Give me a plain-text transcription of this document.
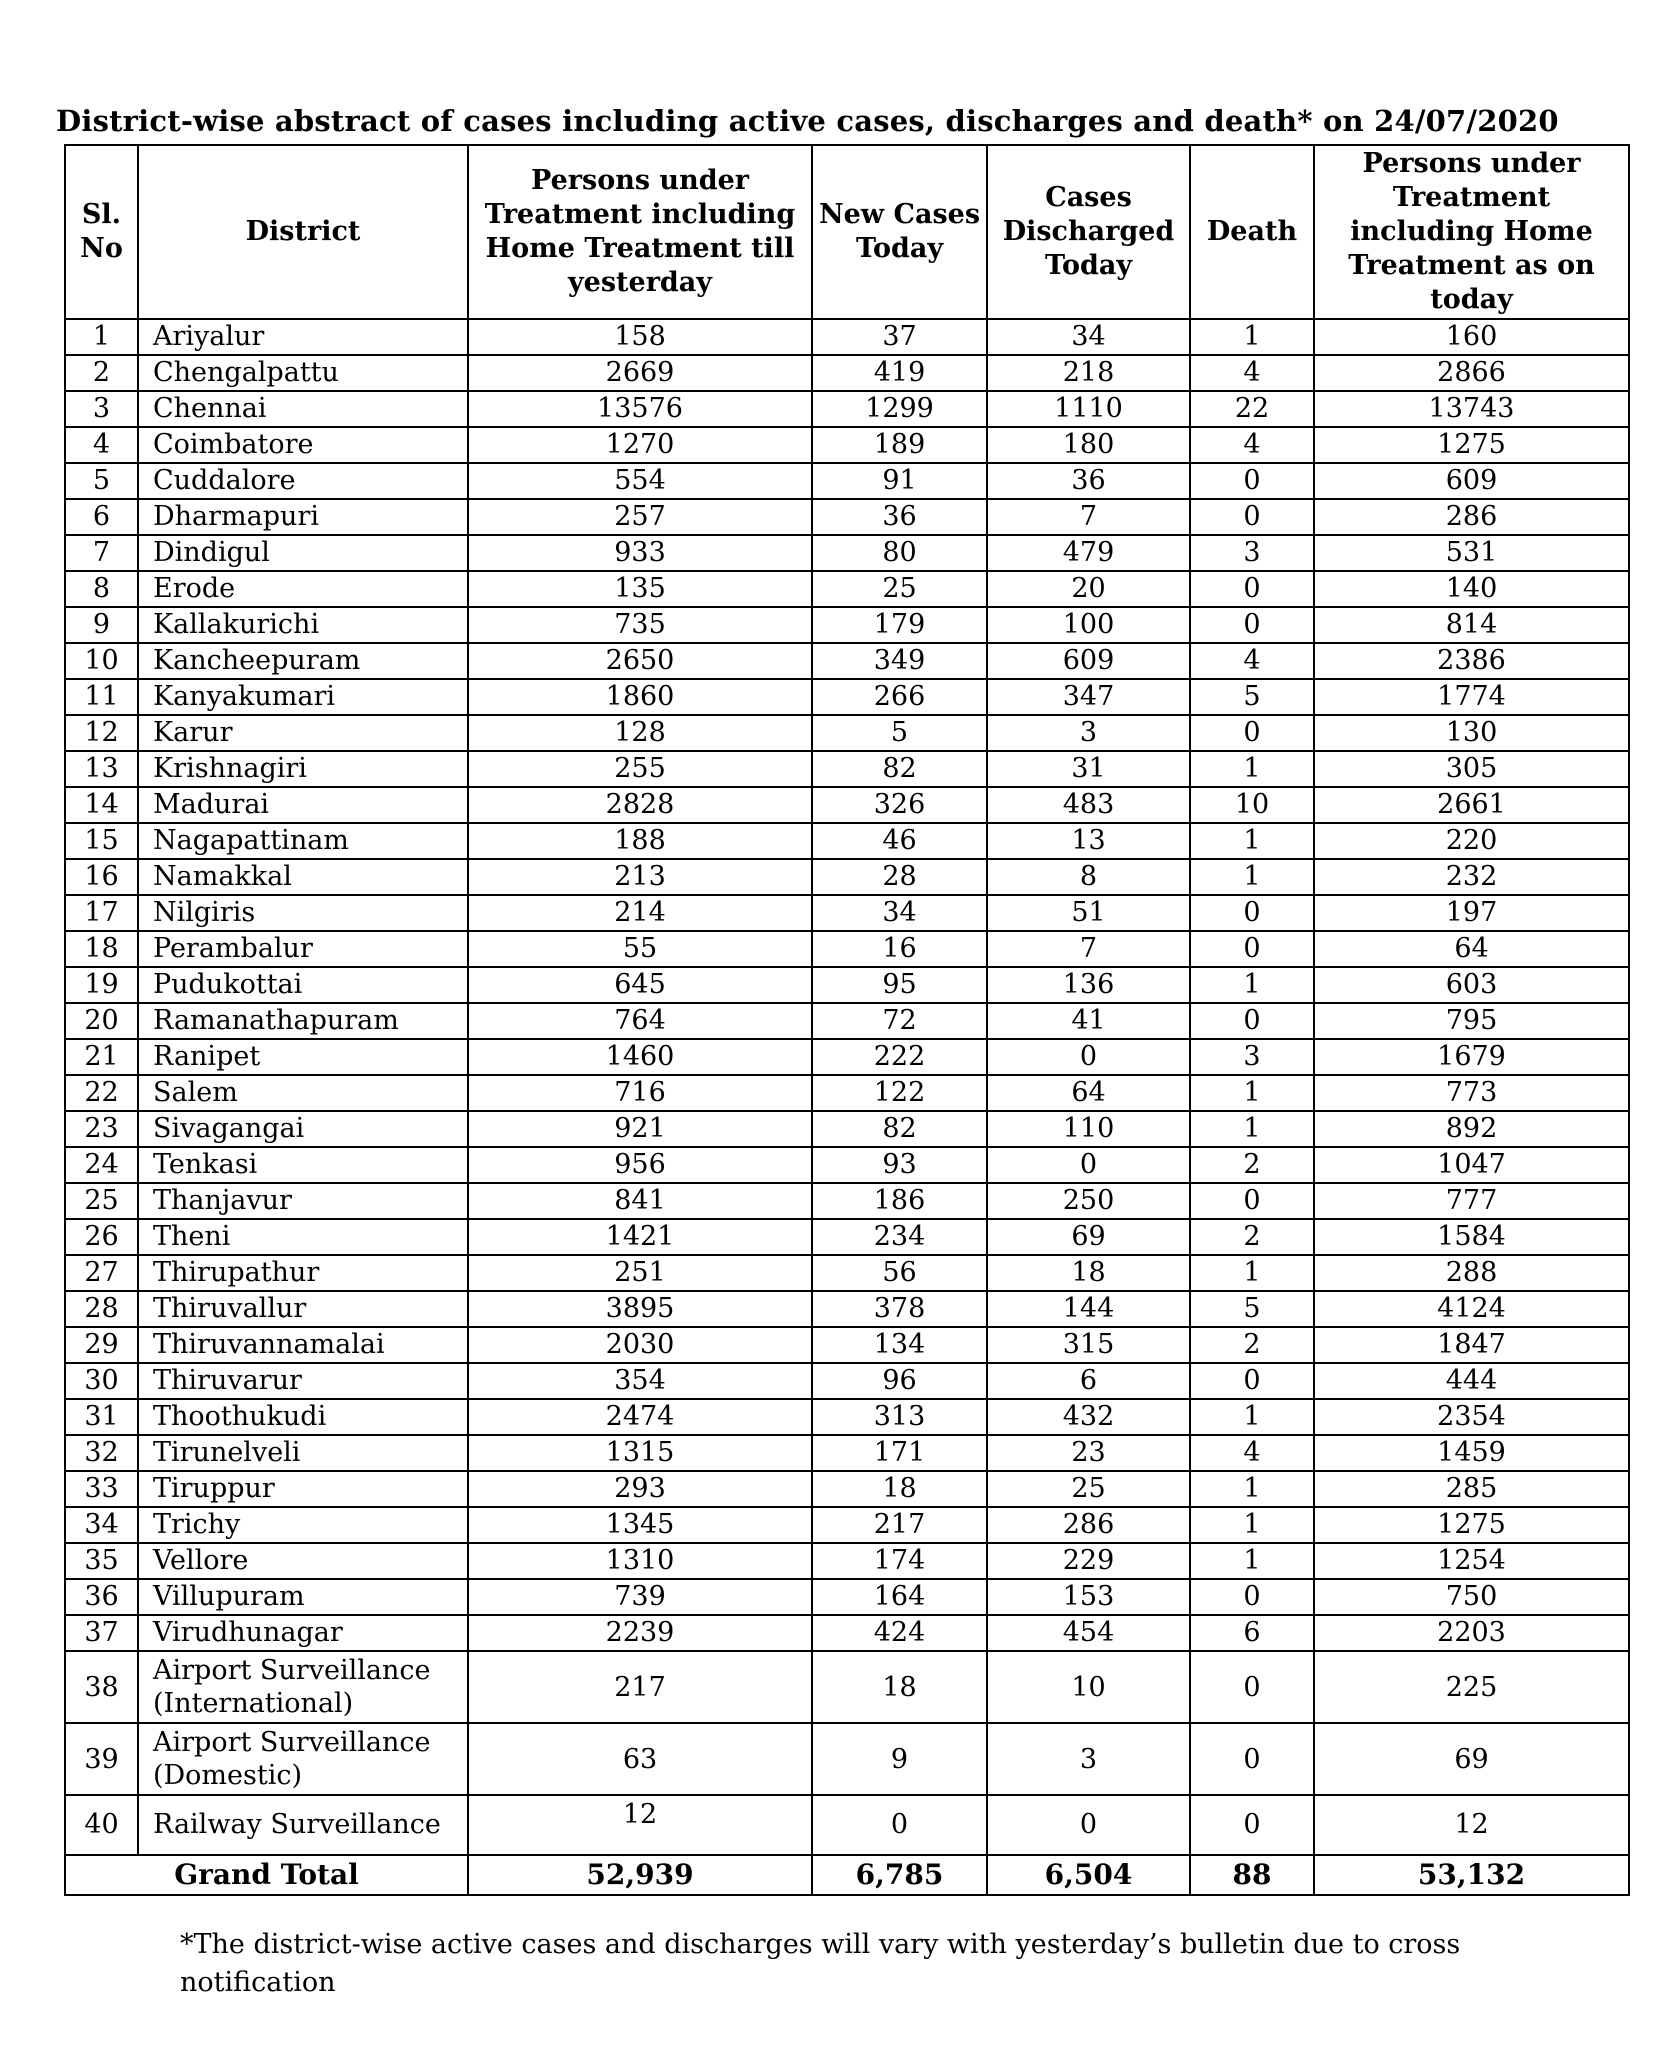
District-wise abstract of cases including active cases, discharges and death* on 24/07/2020
Sl. No	District	Persons under Treatment including Home Treatment till yesterday	New Cases Today	Cases Discharged Today	Death	Persons under Treatment including Home Treatment as on today
1	Ariyalur	158	37	34	1	160
2	Chengalpattu	2669	419	218	4	2866
3	Chennai	13576	1299	1110	22	13743
4	Coimbatore	1270	189	180	4	1275
5	Cuddalore	554	91	36	0	609
6	Dharmapuri	257	36	7	0	286
7	Dindigul	933	80	479	3	531
8	Erode	135	25	20	0	140
9	Kallakurichi	735	179	100	0	814
10	Kancheepuram	2650	349	609	4	2386
11	Kanyakumari	1860	266	347	5	1774
12	Karur	128	5	3	0	130
13	Krishnagiri	255	82	31	1	305
14	Madurai	2828	326	483	10	2661
15	Nagapattinam	188	46	13	1	220
16	Namakkal	213	28	8	1	232
17	Nilgiris	214	34	51	0	197
18	Perambalur	55	16	7	0	64
19	Pudukottai	645	95	136	1	603
20	Ramanathapuram	764	72	41	0	795
21	Ranipet	1460	222	0	3	1679
22	Salem	716	122	64	1	773
23	Sivagangai	921	82	110	1	892
24	Tenkasi	956	93	0	2	1047
25	Thanjavur	841	186	250	0	777
26	Theni	1421	234	69	2	1584
27	Thirupathur	251	56	18	1	288
28	Thiruvallur	3895	378	144	5	4124
29	Thiruvannamalai	2030	134	315	2	1847
30	Thiruvarur	354	96	6	0	444
31	Thoothukudi	2474	313	432	1	2354
32	Tirunelveli	1315	171	23	4	1459
33	Tiruppur	293	18	25	1	285
34	Trichy	1345	217	286	1	1275
35	Vellore	1310	174	229	1	1254
36	Villupuram	739	164	153	0	750
37	Virudhunagar	2239	424	454	6	2203
38	Airport Surveillance (International)	217	18	10	0	225
39	Airport Surveillance (Domestic)	63	9	3	0	69
40	Railway Surveillance	12	0	0	0	12
Grand Total		52,939	6,785	6,504	88	53,132
*The district-wise active cases and discharges will vary with yesterday’s bulletin due to cross notification
